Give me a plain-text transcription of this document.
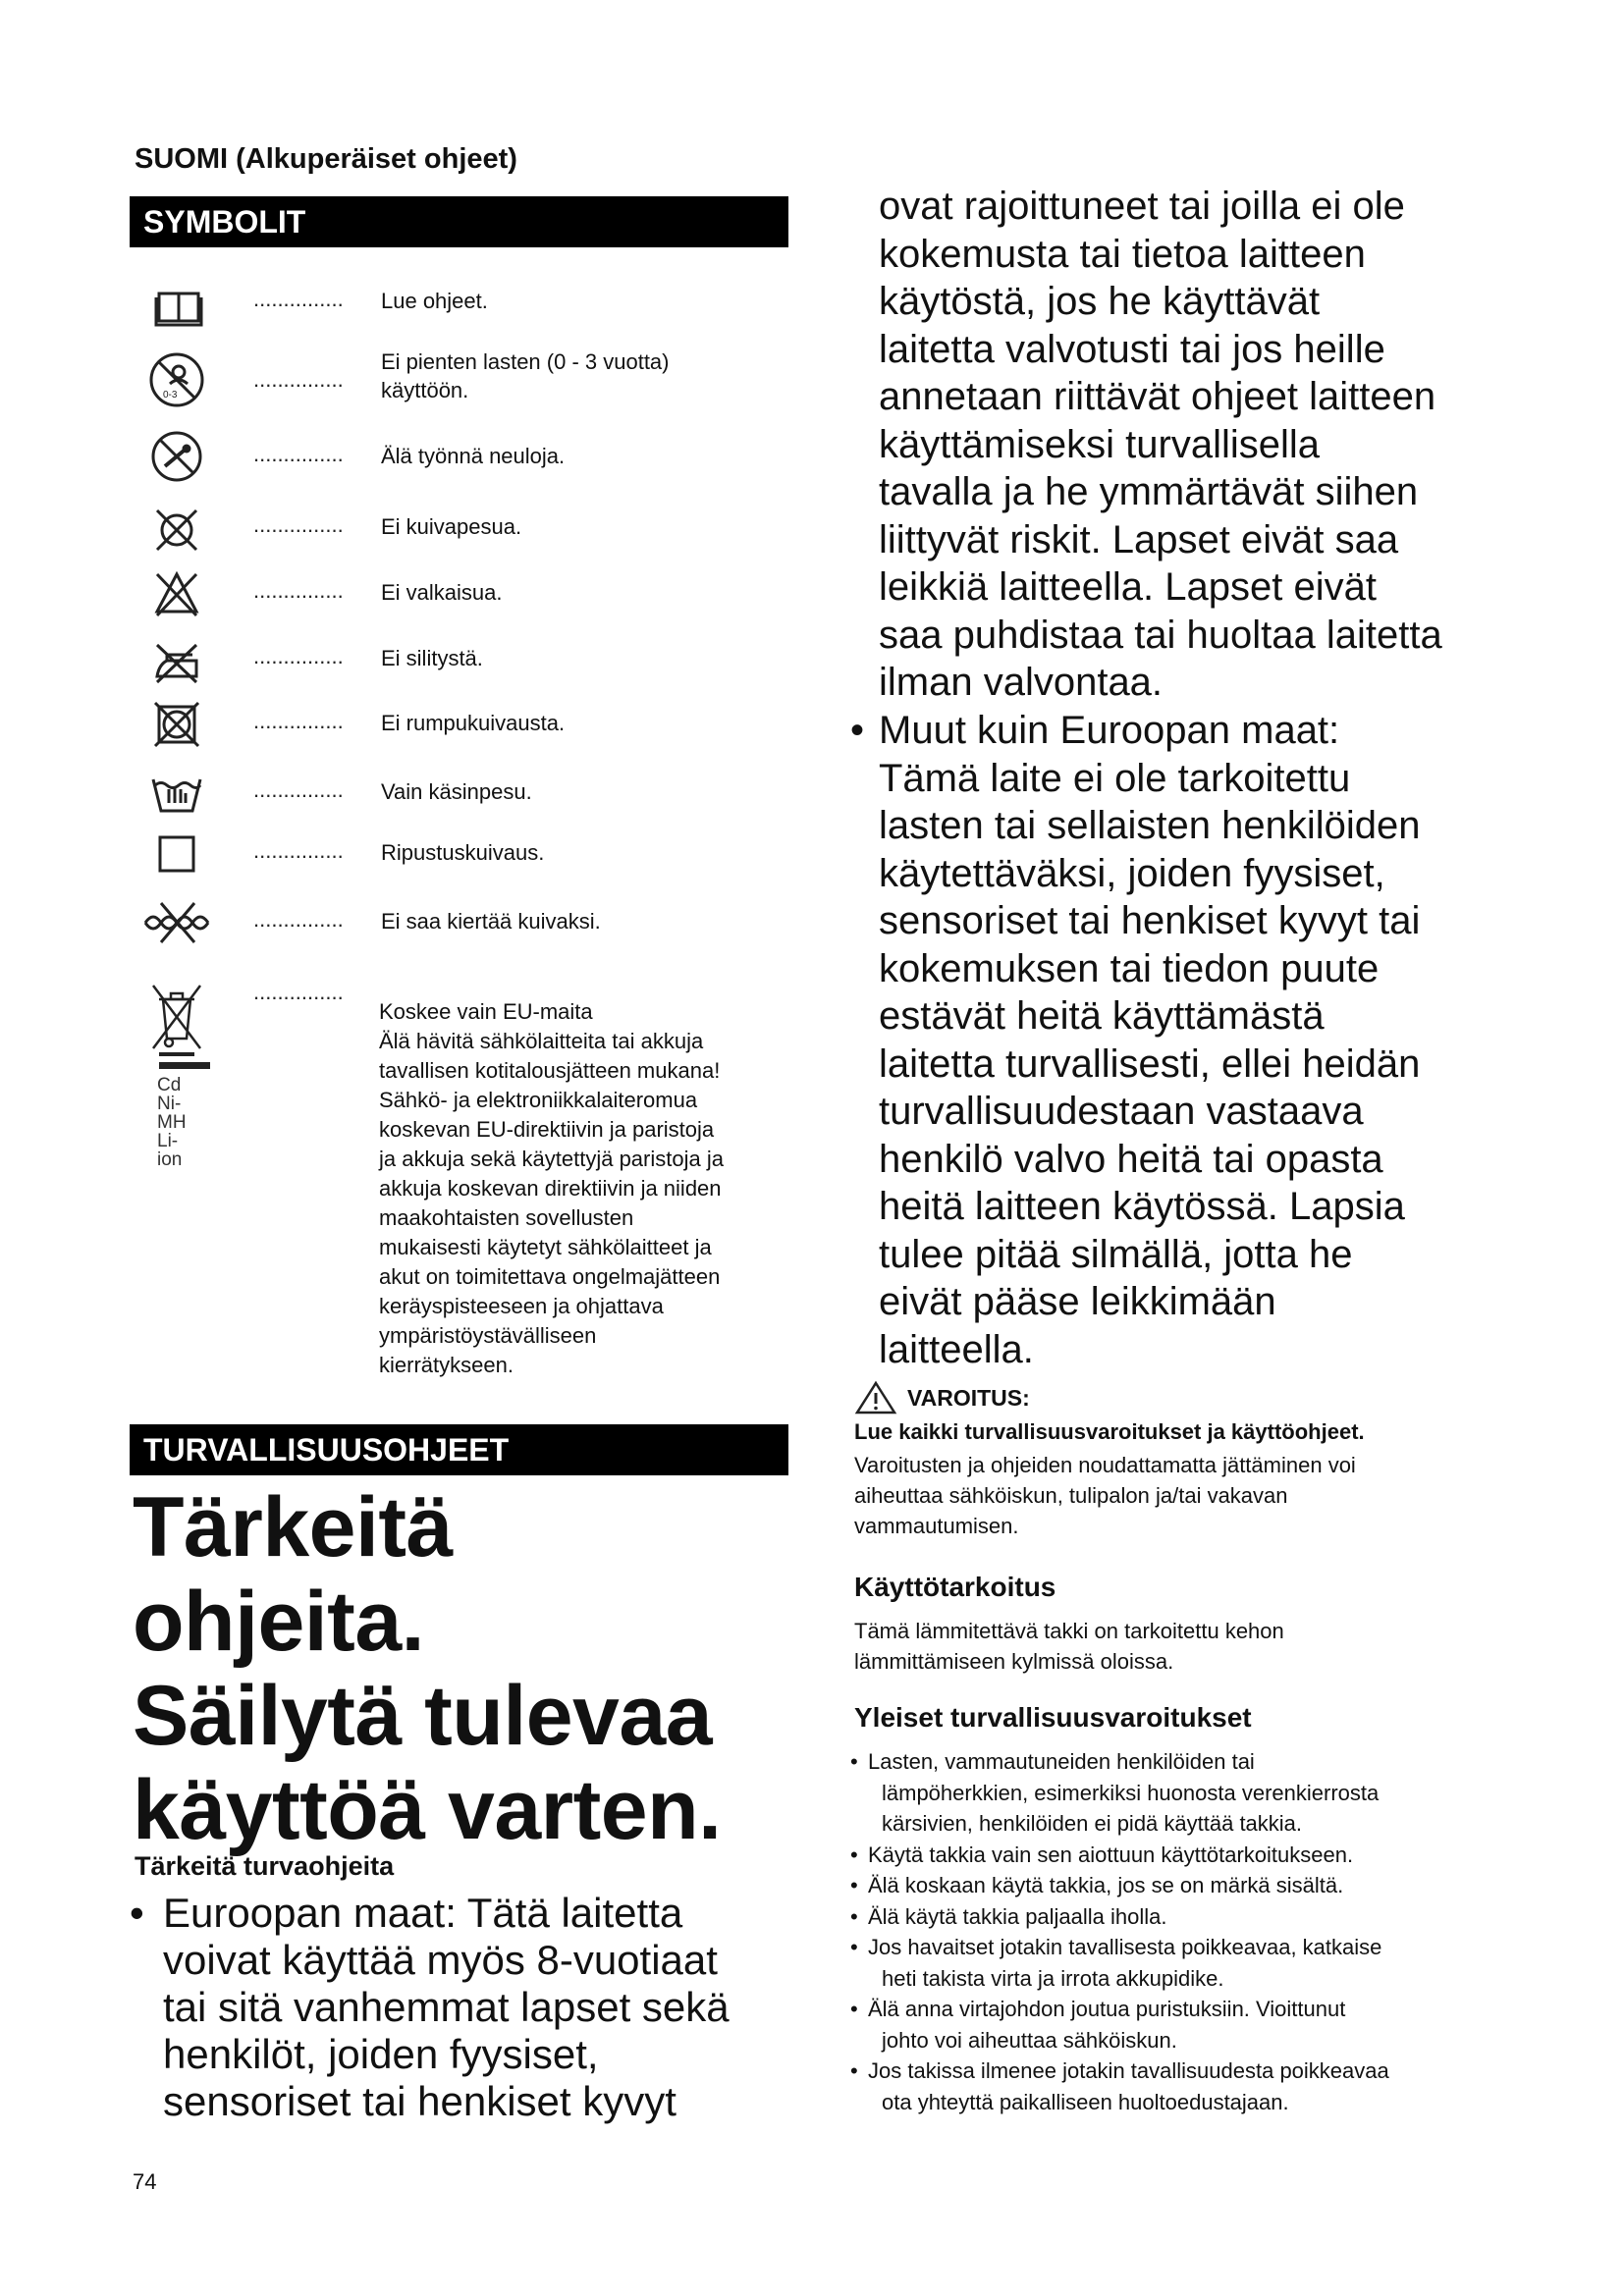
SUOMI (Alkuperäiset ohjeet)
SYMBOLIT
............... Lue ohjeet.
0-3
...............
Ei pienten lasten (0 - 3 vuotta)
käyttöön.
............... Älä työnnä neuloja.
............... Ei kuivapesua.
............... Ei valkaisua.
............... Ei silitystä.
............... Ei rumpukuivausta.
............... Vain käsinpesu.
............... Ripustuskuivaus.
............... Ei saa kiertää kuivaksi.
Cd
Ni-MH
Li-ion
...............

Koskee vain EU-maita

Älä hävitä sähkölaitteita tai akkuja

tavallisen kotitalousjätteen mukana!

Sähkö- ja elektroniikkalaiteromua

koskevan EU-direktiivin ja paristoja

ja akkuja sekä käytettyjä paristoja ja

akkuja koskevan direktiivin ja niiden

maakohtaisten sovellusten

mukaisesti käytetyt sähkölaitteet ja

akut on toimitettava ongelmajätteen

keräyspisteeseen ja ohjattava

ympäristöystävälliseen

kierrätykseen.

TURVALLISUUSOHJEET
Tärkeitä
ohjeita.
Säilytä tulevaa
käyttöä varten.
Tärkeitä turvaohjeita
• Euroopan maat: Tätä laitetta
voivat käyttää myös 8-vuotiaat
tai sitä vanhemmat lapset sekä
henkilöt, joiden fyysiset,
sensoriset tai henkiset kyvyt
ovat rajoittuneet tai joilla ei ole
kokemusta tai tietoa laitteen
käytöstä, jos he käyttävät
laitetta valvotusti tai jos heille
annetaan riittävät ohjeet laitteen
käyttämiseksi turvallisella
tavalla ja he ymmärtävät siihen
liittyvät riskit. Lapset eivät saa
leikkiä laitteella. Lapset eivät
saa puhdistaa tai huoltaa laitetta
ilman valvontaa.
• Muut kuin Euroopan maat:
Tämä laite ei ole tarkoitettu
lasten tai sellaisten henkilöiden
käytettäväksi, joiden fyysiset,
sensoriset tai henkiset kyvyt tai
kokemuksen tai tiedon puute
estävät heitä käyttämästä
laitetta turvallisesti, ellei heidän
turvallisuudestaan vastaava
henkilö valvo heitä tai opasta
heitä laitteen käytössä. Lapsia
tulee pitää silmällä, jotta he
eivät pääse leikkimään
laitteella.
VAROITUS:
Lue kaikki turvallisuusvaroitukset ja käyttöohjeet.
Varoitusten ja ohjeiden noudattamatta jättäminen voi
aiheuttaa sähköiskun, tulipalon ja/tai vakavan
vammautumisen.
Käyttötarkoitus
Tämä lämmitettävä takki on tarkoitettu kehon
lämmittämiseen kylmissä oloissa.
Yleiset turvallisuusvaroitukset
• Lasten, vammautuneiden henkilöiden tai
lämpöherkkien, esimerkiksi huonosta verenkierrosta
kärsivien, henkilöiden ei pidä käyttää takkia.
• Käytä takkia vain sen aiottuun käyttötarkoitukseen.
• Älä koskaan käytä takkia, jos se on märkä sisältä.
• Älä käytä takkia paljaalla iholla.
• Jos havaitset jotakin tavallisesta poikkeavaa, katkaise
heti takista virta ja irrota akkupidike.
• Älä anna virtajohdon joutua puristuksiin. Vioittunut
johto voi aiheuttaa sähköiskun.
• Jos takissa ilmenee jotakin tavallisuudesta poikkeavaa
ota yhteyttä paikalliseen huoltoedustajaan.
74
